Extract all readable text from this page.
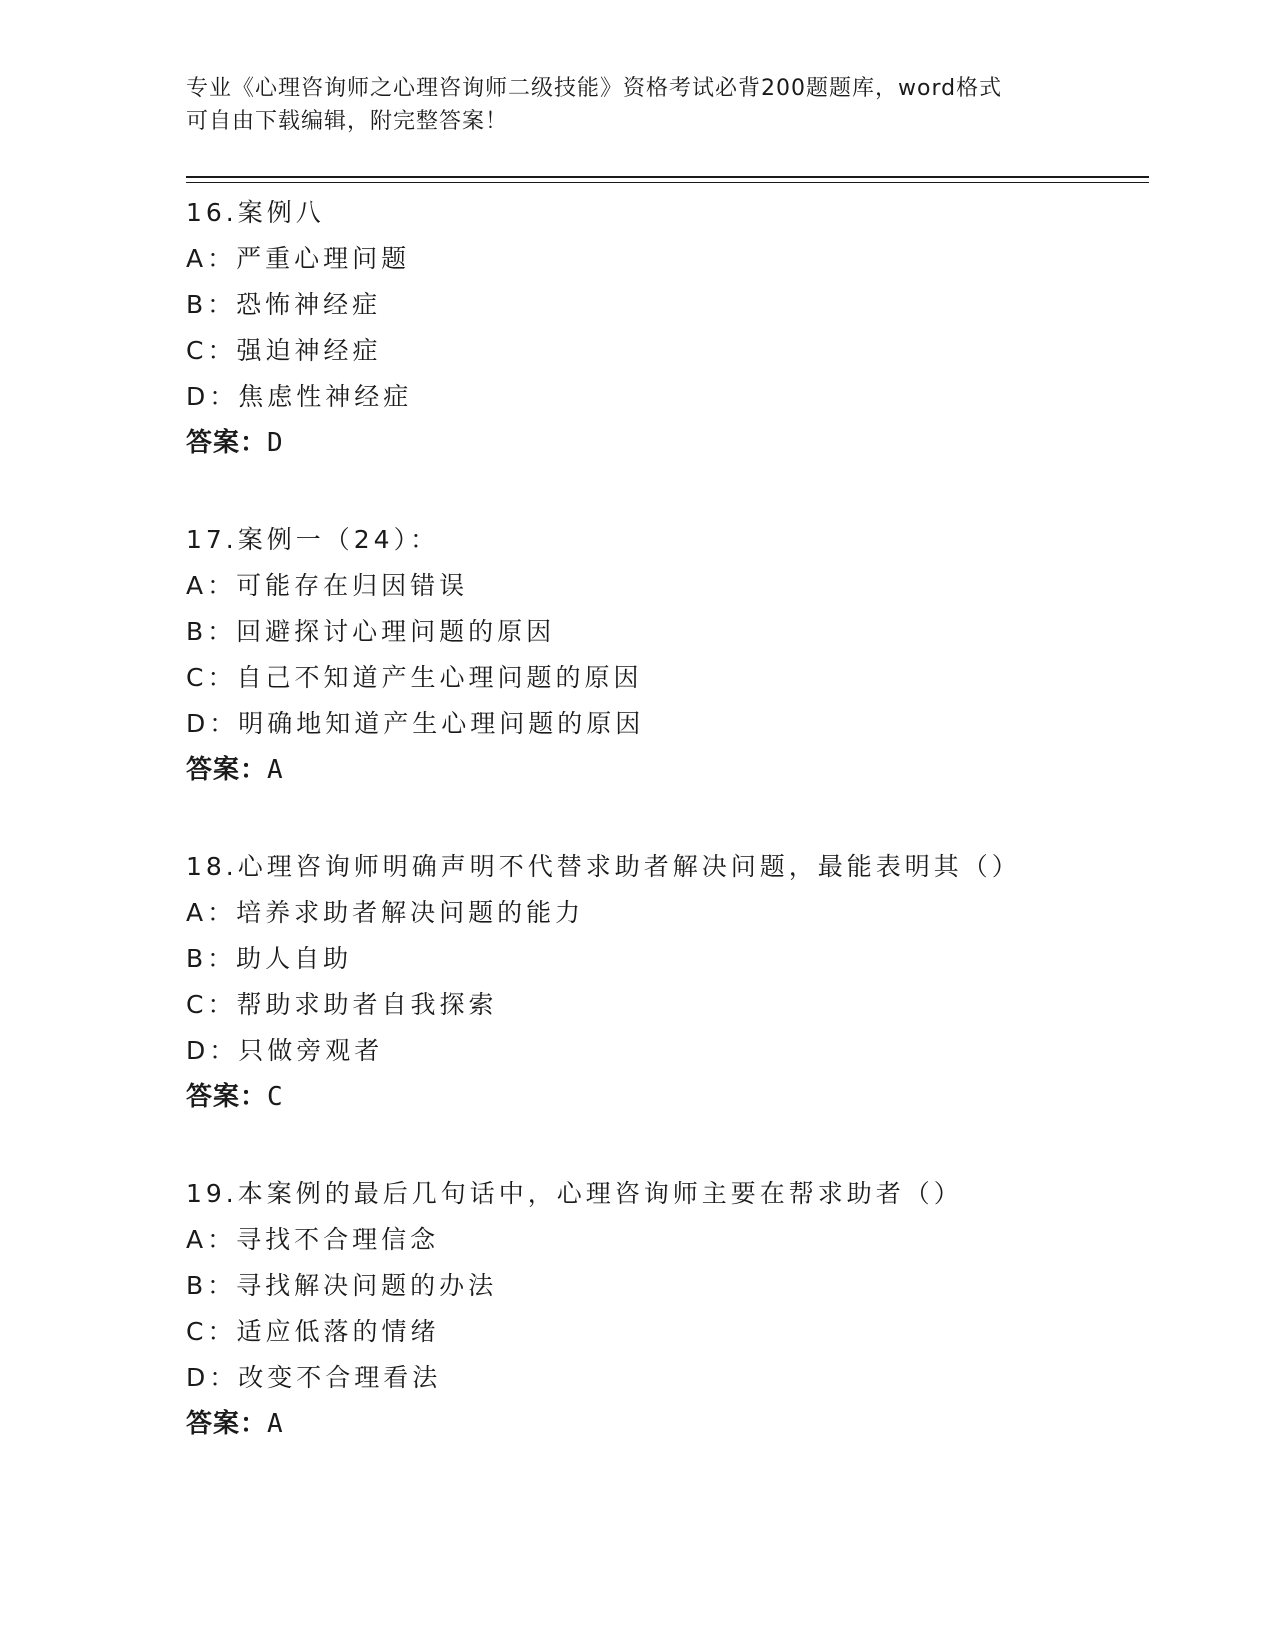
专业《心理咨询师之心理咨询师二级技能》资格考试必背200题题库，word格式
可自由下载编辑，附完整答案！
16.案例八
A：严重心理问题
B：恐怖神经症
C：强迫神经症
D：焦虑性神经症
答案：D
17.案例一（24）：
A：可能存在归因错误
B：回避探讨心理问题的原因
C：自己不知道产生心理问题的原因
D：明确地知道产生心理问题的原因
答案：A
18.心理咨询师明确声明不代替求助者解决问题，最能表明其（）
A：培养求助者解决问题的能力
B：助人自助
C：帮助求助者自我探索
D：只做旁观者
答案：C
19.本案例的最后几句话中，心理咨询师主要在帮求助者（）
A：寻找不合理信念
B：寻找解决问题的办法
C：适应低落的情绪
D：改变不合理看法
答案：A
